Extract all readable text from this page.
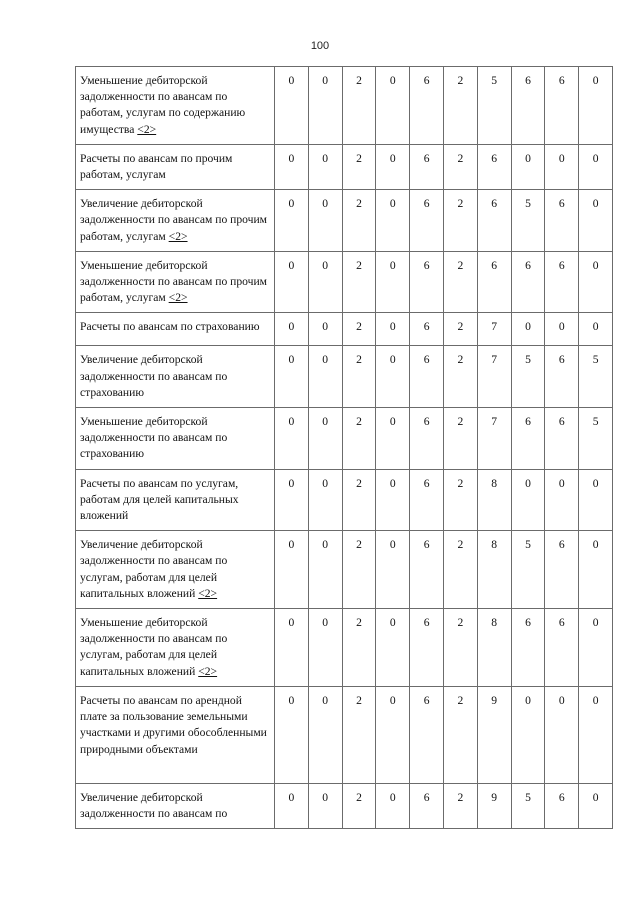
100
Уменьшение дебиторской задолженности по авансам по работам, услугам по содержанию имущества <2>	0	0	2	0	6	2	5	6	6	0
Расчеты по авансам по прочим работам, услугам	0	0	2	0	6	2	6	0	0	0
Увеличение дебиторской задолженности по авансам по прочим работам, услугам <2>	0	0	2	0	6	2	6	5	6	0
Уменьшение дебиторской задолженности по авансам по прочим работам, услугам <2>	0	0	2	0	6	2	6	6	6	0
Расчеты по авансам по страхованию	0	0	2	0	6	2	7	0	0	0
Увеличение дебиторской задолженности по авансам по страхованию	0	0	2	0	6	2	7	5	6	5
Уменьшение дебиторской задолженности по авансам по страхованию	0	0	2	0	6	2	7	6	6	5
Расчеты по авансам по услугам, работам для целей капитальных вложений	0	0	2	0	6	2	8	0	0	0
Увеличение дебиторской задолженности по авансам по услугам, работам для целей капитальных вложений <2>	0	0	2	0	6	2	8	5	6	0
Уменьшение дебиторской задолженности по авансам по услугам, работам для целей капитальных вложений <2>	0	0	2	0	6	2	8	6	6	0
Расчеты по авансам по арендной плате за пользование земельными участками и другими обособленными природными объектами	0	0	2	0	6	2	9	0	0	0
Увеличение дебиторской задолженности по авансам по	0	0	2	0	6	2	9	5	6	0
